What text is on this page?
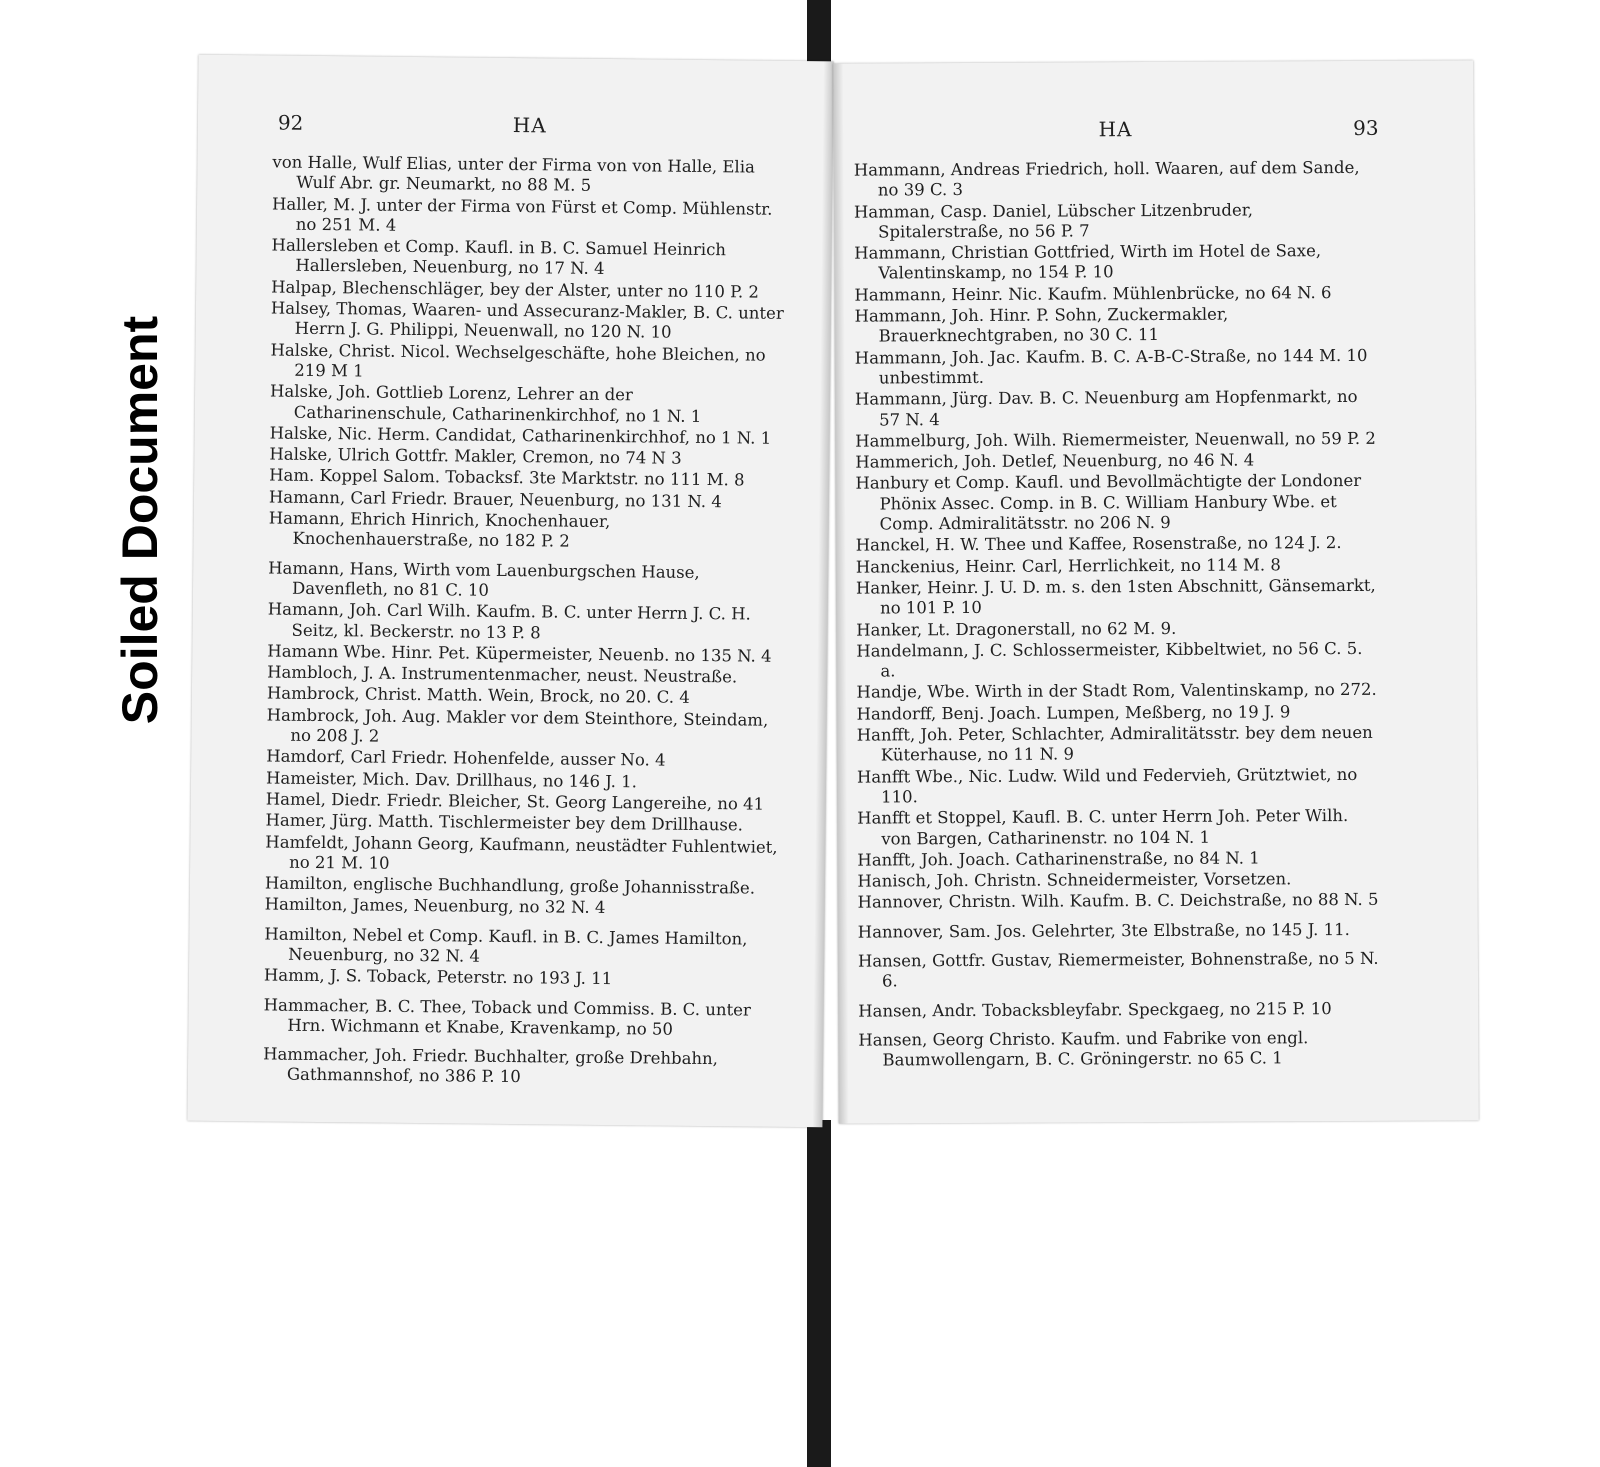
Soiled Document
92	HA
von Halle, Wulf Elias, unter der Firma von von Halle, Elia Wulf Abr. gr. Neumarkt, no 88 M. 5
Haller, M. J. unter der Firma von Fürst et Comp. Mühlenstr. no 251 M. 4
Hallersleben et Comp. Kaufl. in B. C. Samuel Heinrich Hallersleben, Neuenburg, no 17 N. 4
Halpap, Blechenschläger, bey der Alster, unter no 110 P. 2
Halsey, Thomas, Waaren- und Assecuranz-Makler, B. C. unter Herrn J. G. Philippi, Neuenwall, no 120 N. 10
Halske, Christ. Nicol. Wechselgeschäfte, hohe Bleichen, no 219 M 1
Halske, Joh. Gottlieb Lorenz, Lehrer an der Catharinenschule, Catharinenkirchhof, no 1 N. 1
Halske, Nic. Herm. Candidat, Catharinenkirchhof, no 1 N. 1
Halske, Ulrich Gottfr. Makler, Cremon, no 74 N 3
Ham. Koppel Salom. Tobacksf. 3te Marktstr. no 111 M. 8
Hamann, Carl Friedr. Brauer, Neuenburg, no 131 N. 4
Hamann, Ehrich Hinrich, Knochenhauer, Knochenhauerstraße, no 182 P. 2
Hamann, Hans, Wirth vom Lauenburgschen Hause, Davenfleth, no 81 C. 10
Hamann, Joh. Carl Wilh. Kaufm. B. C. unter Herrn J. C. H. Seitz, kl. Beckerstr. no 13 P. 8
Hamann Wbe. Hinr. Pet. Küpermeister, Neuenb. no 135 N. 4
Hambloch, J. A. Instrumentenmacher, neust. Neustraße.
Hambrock, Christ. Matth. Wein, Brock, no 20. C. 4
Hambrock, Joh. Aug. Makler vor dem Steinthore, Steindam, no 208 J. 2
Hamdorf, Carl Friedr. Hohenfelde, ausser No. 4
Hameister, Mich. Dav. Drillhaus, no 146 J. 1.
Hamel, Diedr. Friedr. Bleicher, St. Georg Langereihe, no 41
Hamer, Jürg. Matth. Tischlermeister bey dem Drillhause.
Hamfeldt, Johann Georg, Kaufmann, neustädter Fuhlentwiet, no 21 M. 10
Hamilton, englische Buchhandlung, große Johannisstraße.
Hamilton, James, Neuenburg, no 32 N. 4
Hamilton, Nebel et Comp. Kaufl. in B. C. James Hamilton, Neuenburg, no 32 N. 4
Hamm, J. S. Toback, Peterstr. no 193 J. 11
Hammacher, B. C. Thee, Toback und Commiss. B. C. unter Hrn. Wichmann et Knabe, Kravenkamp, no 50
Hammacher, Joh. Friedr. Buchhalter, große Drehbahn, Gathmannshof, no 386 P. 10
HA	93
Hammann, Andreas Friedrich, holl. Waaren, auf dem Sande, no 39 C. 3
Hamman, Casp. Daniel, Lübscher Litzenbruder, Spitalerstraße, no 56 P. 7
Hammann, Christian Gottfried, Wirth im Hotel de Saxe, Valentinskamp, no 154 P. 10
Hammann, Heinr. Nic. Kaufm. Mühlenbrücke, no 64 N. 6
Hammann, Joh. Hinr. P. Sohn, Zuckermakler, Brauerknechtgraben, no 30 C. 11
Hammann, Joh. Jac. Kaufm. B. C. A-B-C-Straße, no 144 M. 10 unbestimmt.
Hammann, Jürg. Dav. B. C. Neuenburg am Hopfenmarkt, no 57 N. 4
Hammelburg, Joh. Wilh. Riemermeister, Neuenwall, no 59 P. 2
Hammerich, Joh. Detlef, Neuenburg, no 46 N. 4
Hanbury et Comp. Kaufl. und Bevollmächtigte der Londoner Phönix Assec. Comp. in B. C. William Hanbury Wbe. et Comp. Admiralitätsstr. no 206 N. 9
Hanckel, H. W. Thee und Kaffee, Rosenstraße, no 124 J. 2.
Hanckenius, Heinr. Carl, Herrlichkeit, no 114 M. 8
Hanker, Heinr. J. U. D. m. s. den 1sten Abschnitt, Gänsemarkt, no 101 P. 10
Hanker, Lt. Dragonerstall, no 62 M. 9.
Handelmann, J. C. Schlossermeister, Kibbeltwiet, no 56 C. 5. a.
Handje, Wbe. Wirth in der Stadt Rom, Valentinskamp, no 272.
Handorff, Benj. Joach. Lumpen, Meßberg, no 19 J. 9
Hanfft, Joh. Peter, Schlachter, Admiralitätsstr. bey dem neuen Küterhause, no 11 N. 9
Hanfft Wbe., Nic. Ludw. Wild und Federvieh, Grütztwiet, no 110.
Hanfft et Stoppel, Kaufl. B. C. unter Herrn Joh. Peter Wilh. von Bargen, Catharinenstr. no 104 N. 1
Hanfft, Joh. Joach. Catharinenstraße, no 84 N. 1
Hanisch, Joh. Christn. Schneidermeister, Vorsetzen.
Hannover, Christn. Wilh. Kaufm. B. C. Deichstraße, no 88 N. 5
Hannover, Sam. Jos. Gelehrter, 3te Elbstraße, no 145 J. 11.
Hansen, Gottfr. Gustav, Riemermeister, Bohnenstraße, no 5 N. 6.
Hansen, Andr. Tobacksbleyfabr. Speckgaeg, no 215 P. 10
Hansen, Georg Christo. Kaufm. und Fabrike von engl. Baumwollengarn, B. C. Gröningerstr. no 65 C. 1
